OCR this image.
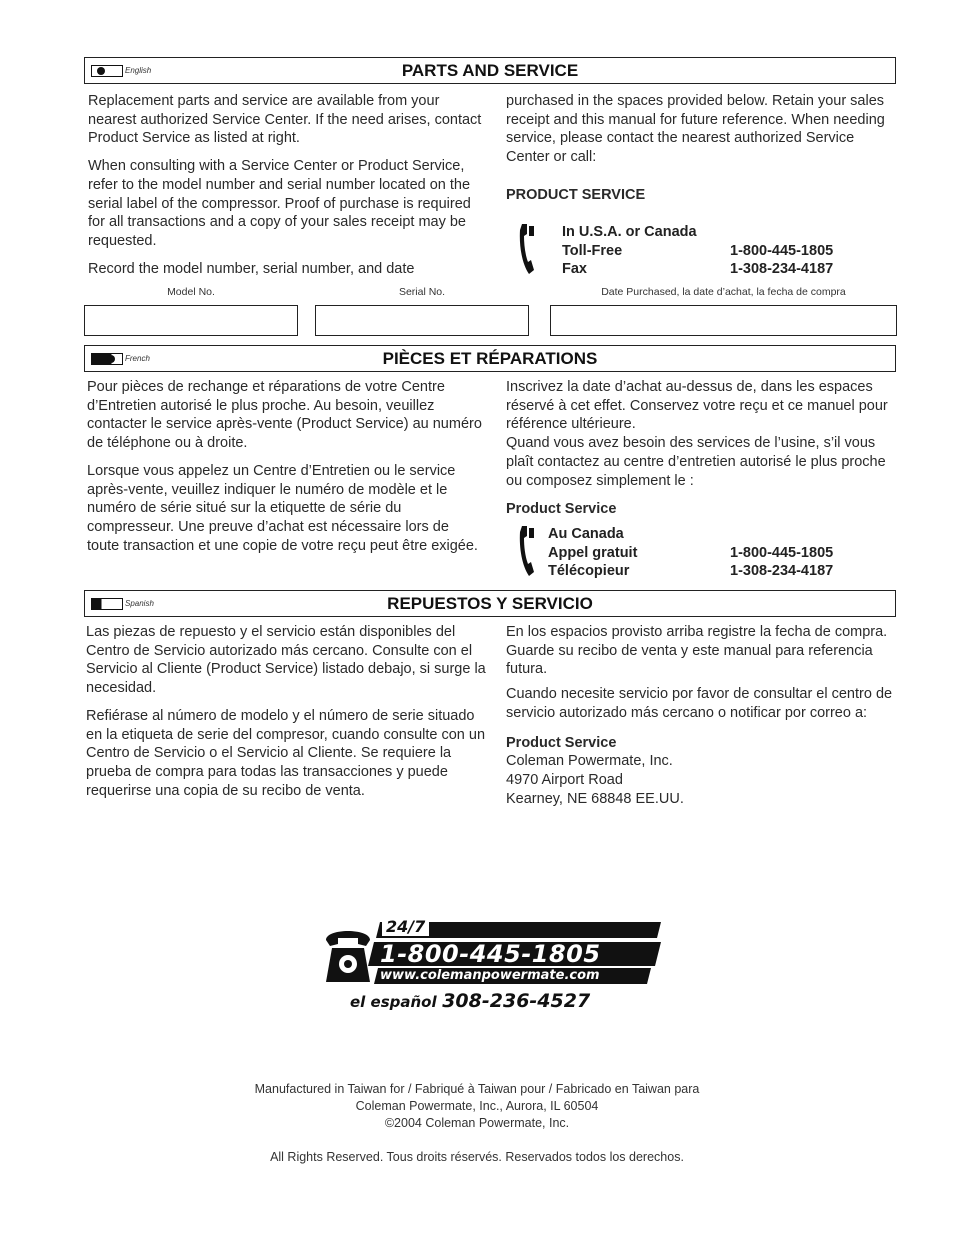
English	PARTS AND SERVICE

Replacement parts and service are available from your nearest authorized Service Center. If the need arises, contact Product Service as listed at right.

When consulting with a Service Center or Product Service, refer to the model number and serial number located on the serial label of the compressor. Proof of purchase is required for all transactions and a copy of your sales receipt may be requested.

Record the model number, serial number, and date

purchased in the spaces provided below. Retain your sales receipt and this manual for future reference. When needing service, please contact the nearest authorized Service Center or call:

PRODUCT SERVICE
In U.S.A. or Canada
Toll-Free	1-800-445-1805
Fax	1-308-234-4187
Model No.	Serial No.	Date Purchased, la date d’achat, la fecha de compra
French	PIÈCES ET RÉPARATIONS

Pour pièces de rechange et réparations de votre Centre d’Entretien autorisé le plus proche. Au besoin, veuillez contacter le service après-vente (Product Service) au numéro de téléphone ou à droite.

Lorsque vous appelez un Centre d’Entretien ou le service après-vente, veuillez indiquer le numéro de modèle et le numéro de série situé sur la etiquette de série du compresseur. Une preuve d’achat est nécessaire lors de toute transaction et une copie de votre reçu peut être exigée.

Inscrivez la date d’achat au-dessus de, dans les espaces réservé à cet effet. Conservez votre reçu et ce manuel pour référence ultérieure.

Quand vous avez besoin des services de l’usine, s’il vous plaît contactez au centre d’entretien autorisé le plus proche ou composez simplement le :

Product Service
Au Canada
Appel gratuit	1-800-445-1805
Télécopieur	1-308-234-4187
Spanish	REPUESTOS Y SERVICIO

Las piezas de repuesto y el servicio están disponibles del Centro de Servicio autorizado más cercano. Consulte con el Servicio al Cliente (Product Service) listado debajo, si surge la necesidad.

Refiérase al número de modelo y el número de serie situado en la etiqueta de serie del compresor, cuando consulte con un Centro de Servicio o el Servicio al Cliente. Se requiere la prueba de compra para todas las transacciones y puede requerirse una copia de su recibo de venta.

En los espacios provisto arriba registre la fecha de compra. Guarde su recibo de venta y este manual para referencia futura.

Cuando necesite servicio por favor de consultar el centro de servicio autorizado más cercano o notificar por correo a:

Product Service
Coleman Powermate, Inc.
4970 Airport Road
Kearney, NE 68848 EE.UU.
24/7
1-800-445-1805
www.colemanpowermate.com
el español 308-236-4527
Manufactured in Taiwan for / Fabriqué à Taiwan pour / Fabricado en Taiwan para
Coleman Powermate, Inc., Aurora, IL 60504
©2004 Coleman Powermate, Inc.
All Rights Reserved. Tous droits réservés. Reservados todos los derechos.
